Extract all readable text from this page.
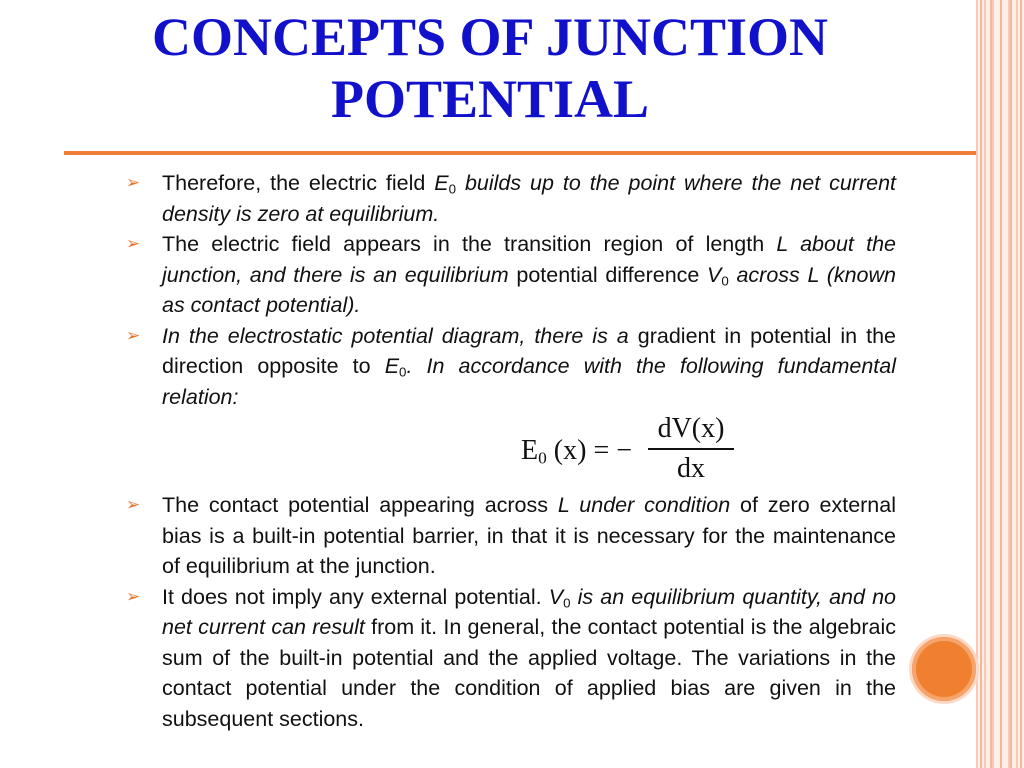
CONCEPTS OF JUNCTION POTENTIAL
➢ Therefore, the electric field $E_0$ builds up to the point where the net current density is zero at equilibrium.
➢ The electric field appears in the transition region of length L about the junction, and there is an equilibrium potential difference $V_0$ across L (known as contact potential).
➢ In the electrostatic potential diagram, there is a gradient in potential in the direction opposite to $E_0$. In accordance with the following fundamental relation:
$E_0$ (x) = −
dV(x)
dx
➢ The contact potential appearing across L under condition of zero external bias is a built-in potential barrier, in that it is necessary for the maintenance of equilibrium at the junction.
➢ It does not imply any external potential. $V_0$ is an equilibrium quantity, and no net current can result from it. In general, the contact potential is the algebraic sum of the built-in potential and the applied voltage. The variations in the contact potential under the condition of applied bias are given in the subsequent sections.
